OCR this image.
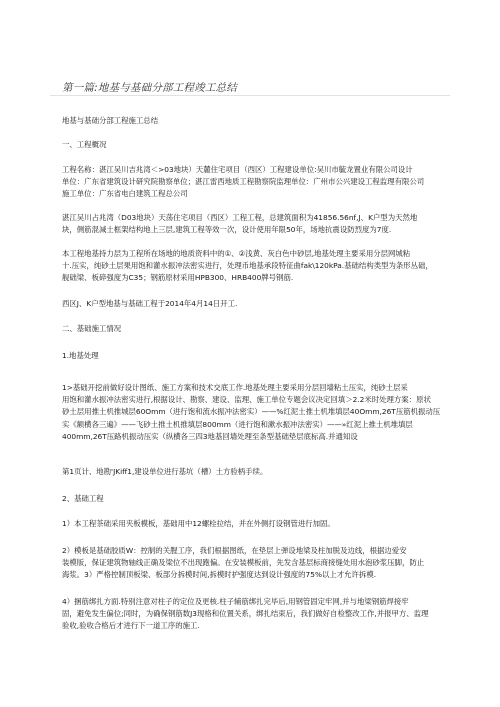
第一篇:地基与基础分部工程竣工总结
地基与基础分部工程施工总结
一、工程概况
工程名称：湛江吴川吉兆湾＜>03地块）天麓住宅项目（西区）工程建设单位:吴川市毓龙置业有限公司设计
单位：广东省建筑设计研究院勘察单位；湛江雷西地质工程勘察院监理单位：广州市公兴建设工程监理有限公司
施工单位：广东省电白建筑工程总公司
湛江吴川占兆湾（D03地块）天荡住宅项目（西区）工程工程，总建筑面积为41856.56nf,J、K户型为天然地
块，侧筋混减土框架结构地上三层,建筑工程等效一次，设计使用年限50年，场地抗震设防烈度为7度.
本工程地基持力层为工程所在场地的地质资料中的①、②浅黄、灰白色中砂层,地基处理主要采用分层网城粘
十.压实，纯砂土层果用饱和灌水振冲法密实进行，处理币地基承段特征曲fak\120kPa.基础结构类型为条形丛础，
舰础梁、板碎强度为C35；钢筋原材采用HPB300、HRB400牌号钢筋.
西区J、K户型地基与基础工程于2014年4月14日开工.
二、基础施工情况
1.地基处理
1>基础开挖前做好设计图纸、施工方案和技术交底工作.地基处理主要采用分层回墙粘土压实，纯砂土层采
用饱和灌水振冲法密实进行,根据设计、勘察、建设、监理、施工单位专题会议决定回填＞2.2米时处理方案：原状
砂土层用推土机推城层60Omm（进行饱和流水振冲法密实）——%红泥土推土机堆填层40Omm,26T压筋机振动压
实《额横各三遍》——飞砂土推土机推填层800mm（进行饱和漱水振冲法密实）——»红泥上推土机堆填层
400mm,26T压路机振动压实（纵横各三四3地基回墙处理至条型基础垫层底标高.并通知设
第1页计、地勘'JKiff1,建设单位进行基坑（槽）土方验柄手续。
2、基础工程
1）本工程茶础采用夹板模板，基础用中12螺栓拉结，并在外侧打设钢管进行加固。
2）模板是基础胶质W：控制的关腥工序，我们根据图纸，在垫层上弹设地梁及柱加脱及边线，根据边爱安
装模版，保证建筑物轴线正确及梁位不出现跑偏。在安装模板前，先发含基层标商接缝处用水泡砂浆压脚，防止
海浆。3）严格控制顶板梁、板部分拆模时间,拆模时护强度达到设计强度的75%以上才允许拆模.
4）捆筋绑扎方面.特别注意对柱子的定位及更核.柱子辅筋绑扎完毕后,用钢管固定牢网,并与地梁钢筋焊接牢
固，避免发生偏位;同时，为确保钢筋数J3现格和位置关系，绑扎结束后，我们做好自检整改工作,并报甲方、监理
验收,验收合格后才进行下一道工序的施工.
